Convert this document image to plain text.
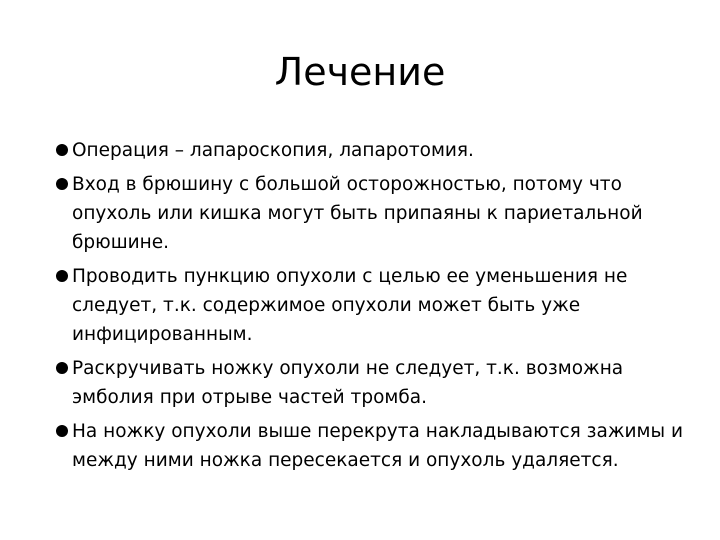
Лечение
Операция – лапароскопия, лапаротомия.
Вход в брюшину с большой осторожностью, потому что опухоль или кишка могут быть припаяны к париетальной брюшине.
Проводить пункцию опухоли с целью ее уменьшения не следует, т.к. содержимое опухоли может быть уже инфицированным.
Раскручивать ножку опухоли не следует, т.к. возможна эмболия при отрыве частей тромба.
На ножку опухоли выше перекрута накладываются зажимы и между ними ножка пересекается и опухоль удаляется.
